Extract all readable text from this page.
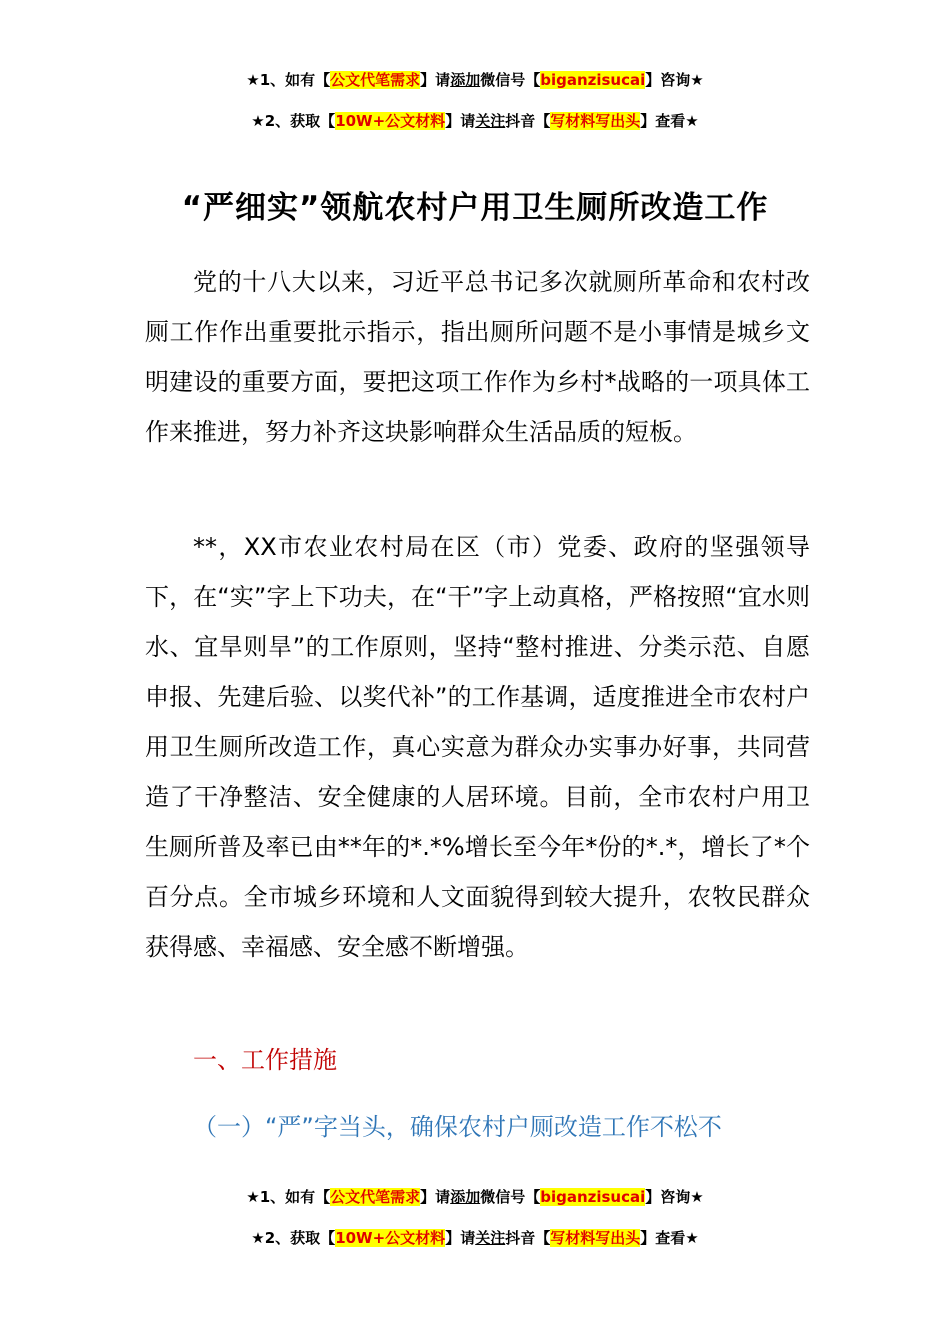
★1、如有【公文代笔需求】请添加微信号【biganzisucai】咨询★
★2、获取【10W+公文材料】请关注抖音【写材料写出头】查看★
“严细实”领航农村户用卫生厕所改造工作

党的十八大以来，习近平总书记多次就厕所革命和农村改厕工作作出重要批示指示，指出厕所问题不是小事情是城乡文明建设的重要方面，要把这项工作作为乡村*战略的一项具体工作来推进，努力补齐这块影响群众生活品质的短板。

**，XX市农业农村局在区（市）党委、政府的坚强领导下，在“实”字上下功夫，在“干”字上动真格，严格按照“宜水则水、宜旱则旱”的工作原则，坚持“整村推进、分类示范、自愿申报、先建后验、以奖代补”的工作基调，适度推进全市农村户用卫生厕所改造工作，真心实意为群众办实事办好事，共同营造了干净整洁、安全健康的人居环境。目前，全市农村户用卫生厕所普及率已由**年的*.*%增长至今年*份的*.*，增长了*个百分点。全市城乡环境和人文面貌得到较大提升，农牧民群众获得感、幸福感、安全感不断增强。

一、工作措施
（一）“严”字当头，确保农村户厕改造工作不松不
★1、如有【公文代笔需求】请添加微信号【biganzisucai】咨询★
★2、获取【10W+公文材料】请关注抖音【写材料写出头】查看★
